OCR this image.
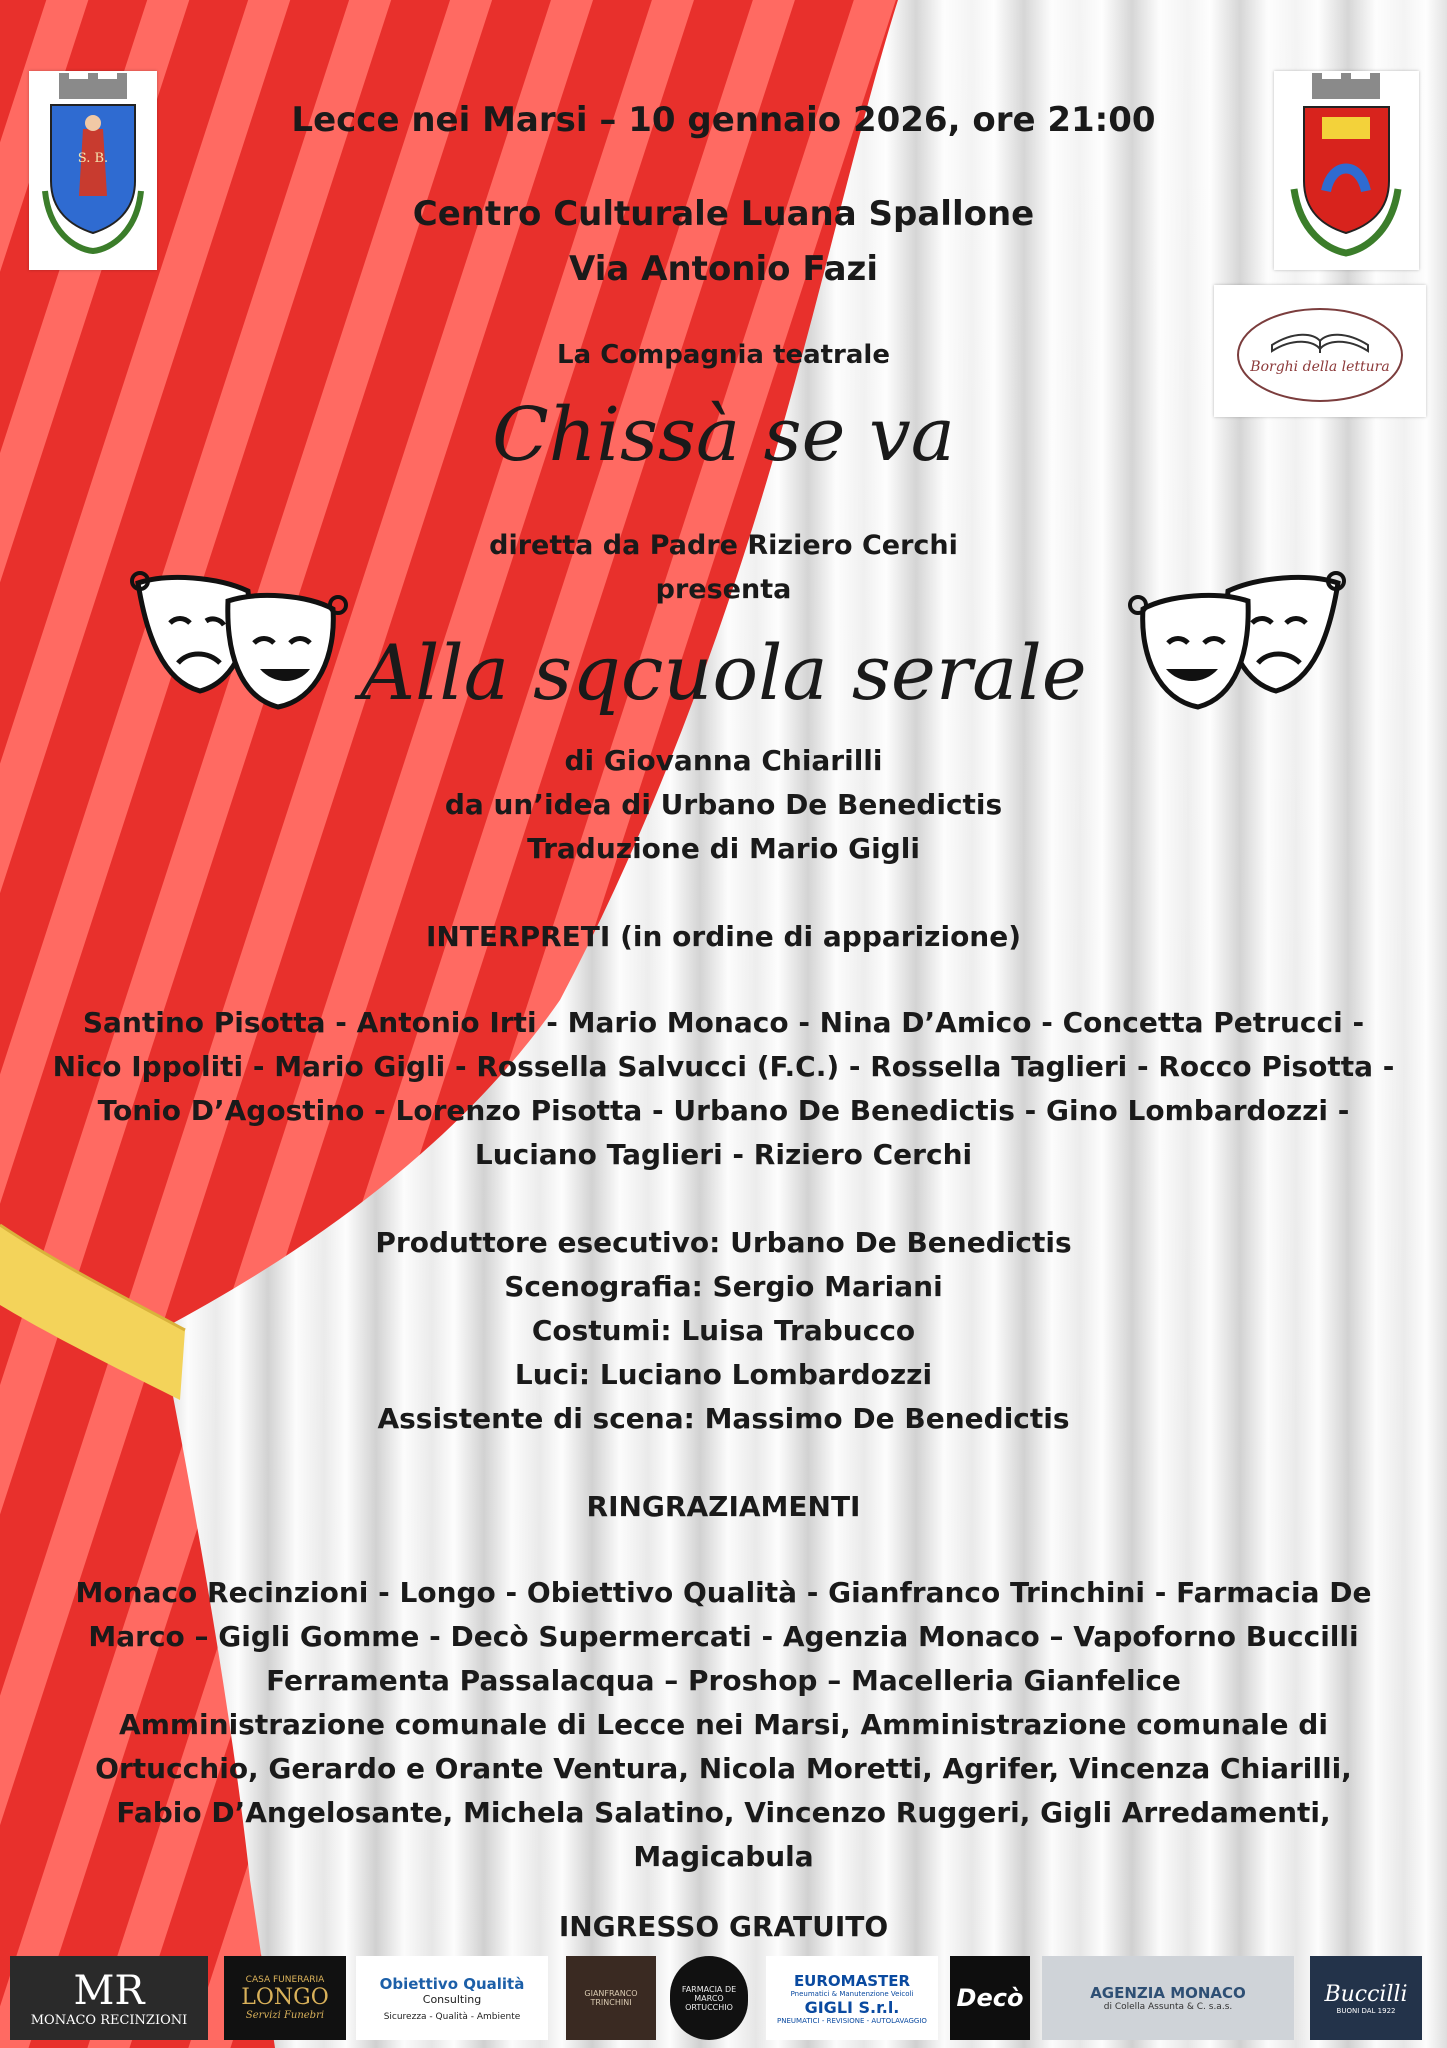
S. B.
Borghi della lettura
Lecce nei Marsi – 10 gennaio 2026, ore 21:00
Centro Culturale Luana Spallone
Via Antonio Fazi
La Compagnia teatrale
Chissà se va
diretta da Padre Riziero Cerchi
presenta
Alla sqcuola serale
di Giovanna Chiarilli
da un’idea di Urbano De Benedictis
Traduzione di Mario Gigli
INTERPRETI (in ordine di apparizione)
Santino Pisotta - Antonio Irti - Mario Monaco - Nina D’Amico - Concetta Petrucci -
Nico Ippoliti - Mario Gigli - Rossella Salvucci (F.C.) - Rossella Taglieri - Rocco Pisotta -
Tonio D’Agostino - Lorenzo Pisotta - Urbano De Benedictis - Gino Lombardozzi -
Luciano Taglieri - Riziero Cerchi
Produttore esecutivo: Urbano De Benedictis
Scenografia: Sergio Mariani
Costumi: Luisa Trabucco
Luci: Luciano Lombardozzi
Assistente di scena: Massimo De Benedictis
RINGRAZIAMENTI
Monaco Recinzioni - Longo - Obiettivo Qualità - Gianfranco Trinchini - Farmacia De
Marco – Gigli Gomme - Decò Supermercati - Agenzia Monaco – Vapoforno Buccilli
Ferramenta Passalacqua – Proshop – Macelleria Gianfelice
Amministrazione comunale di Lecce nei Marsi, Amministrazione comunale di
Ortucchio, Gerardo e Orante Ventura, Nicola Moretti, Agrifer, Vincenza Chiarilli,
Fabio D’Angelosante, Michela Salatino, Vincenzo Ruggeri, Gigli Arredamenti,
Magicabula
INGRESSO GRATUITO
MR
MONACO RECINZIONI
CASA FUNERARIA
LONGO
Servizi Funebri
Obiettivo Qualità
Consulting
Sicurezza - Qualità - Ambiente
GIANFRANCO TRINCHINI
FARMACIA DE MARCO ORTUCCHIO
EUROMASTER
Pneumatici & Manutenzione Veicoli
GIGLI S.r.l.
PNEUMATICI - REVISIONE - AUTOLAVAGGIO
Decò	AGENZIA MONACO
di Colella Assunta & C. s.a.s.
Buccilli
BUONI DAL 1922
